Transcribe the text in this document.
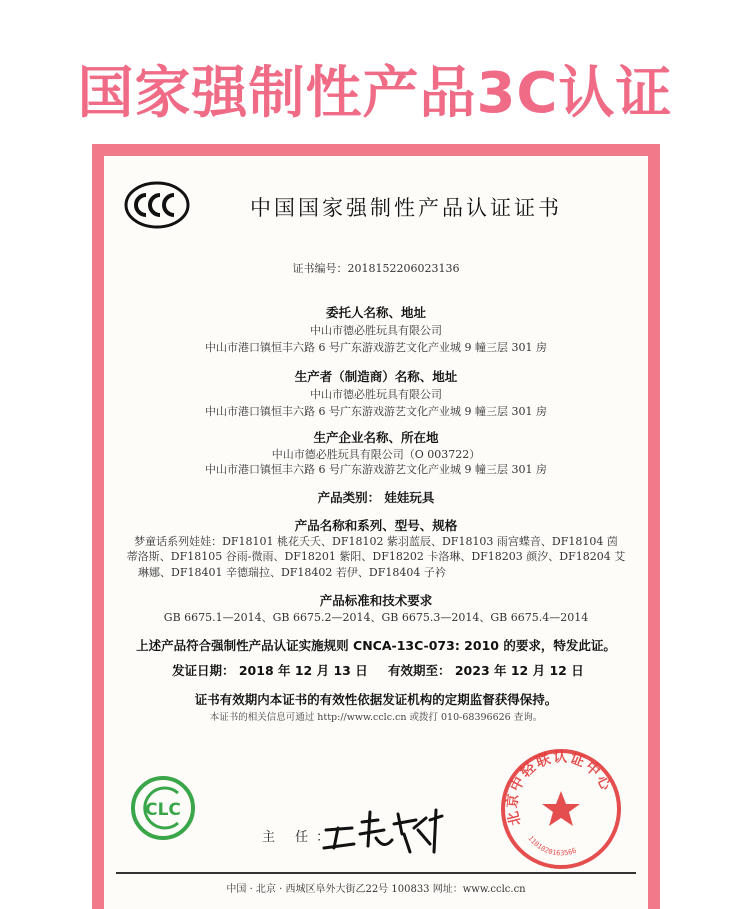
国家强制性产品3C认证
中国国家强制性产品认证证书
证书编号：2018152206023136
委托人名称、地址
中山市德必胜玩具有限公司
中山市港口镇恒丰六路 6 号广东游戏游艺文化产业城 9 幢三层 301 房
生产者（制造商）名称、地址
中山市德必胜玩具有限公司
中山市港口镇恒丰六路 6 号广东游戏游艺文化产业城 9 幢三层 301 房
生产企业名称、所在地
中山市德必胜玩具有限公司（O 003722）
中山市港口镇恒丰六路 6 号广东游戏游艺文化产业城 9 幢三层 301 房
产品类别： 娃娃玩具
产品名称和系列、型号、规格
梦童话系列娃娃：DF18101 桃花夭夭、DF18102 紫羽蓝辰、DF18103 雨宫蝶音、DF18104 茵
蒂洛斯、DF18105 谷雨-微雨、DF18201 紫阳、DF18202 卡洛琳、DF18203 颜汐、DF18204 艾
琳娜、DF18401 辛德瑞拉、DF18402 若伊、DF18404 子衿
产品标准和技术要求
GB 6675.1—2014、GB 6675.2—2014、GB 6675.3—2014、GB 6675.4—2014
上述产品符合强制性产品认证实施规则 CNCA-13C-073: 2010 的要求，特发此证。
发证日期： 2018 年 12 月 13 日	有效期至： 2023 年 12 月 12 日
证书有效期内本证书的有效性依据发证机构的定期监督获得保持。
本证书的相关信息可通过 http://www.cclc.cn 或拨打 010-68396626 查询。
CLC
主 任：
北京中轻联认证中心
1101020163566
中国 · 北京 · 西城区阜外大街乙22号 100833 网址：www.cclc.cn
